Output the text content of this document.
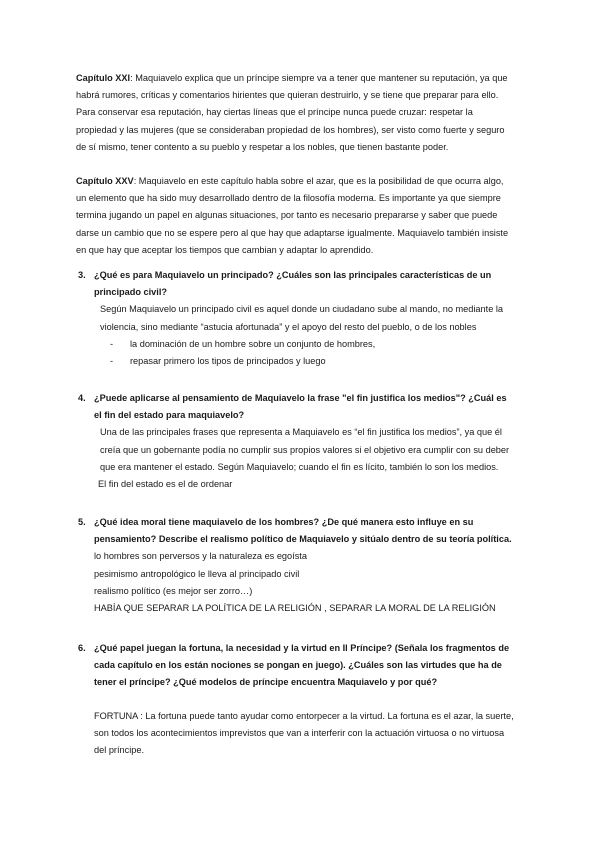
Capítulo XXI: Maquiavelo explica que un príncipe siempre va a tener que mantener su reputación, ya que habrá rumores, críticas y comentarios hirientes que quieran destruirlo, y se tiene que preparar para ello. Para conservar esa reputación, hay ciertas líneas que el príncipe nunca puede cruzar: respetar la propiedad y las mujeres (que se consideraban propiedad de los hombres), ser visto como fuerte y seguro de sí mismo, tener contento a su pueblo y respetar a los nobles, que tienen bastante poder.

Capítulo XXV: Maquiavelo en este capítulo habla sobre el azar, que es la posibilidad de que ocurra algo, un elemento que ha sido muy desarrollado dentro de la filosofía moderna. Es importante ya que siempre termina jugando un papel en algunas situaciones, por tanto es necesario prepararse y saber que puede darse un cambio que no se espere pero al que hay que adaptarse igualmente. Maquiavelo también insiste en que hay que aceptar los tiempos que cambian y adaptar lo aprendido.

3. ¿Qué es para Maquiavelo un principado? ¿Cuáles son las principales características de un principado civil?

Según Maquiavelo un principado civil es aquel donde un ciudadano sube al mando, no mediante la violencia, sino mediante “astucia afortunada” y el apoyo del resto del pueblo, o de los nobles

- la dominación de un hombre sobre un conjunto de hombres,
- repasar primero los tipos de principados y luego
4. ¿Puede aplicarse al pensamiento de Maquiavelo la frase "el fin justifica los medios"? ¿Cuál es el fin del estado para maquiavelo?

Una de las principales frases que representa a Maquiavelo es “el fin justifica los medios”, ya que él creía que un gobernante podía no cumplir sus propios valores si el objetivo era cumplir con su deber que era mantener el estado. Según Maquiavelo; cuando el fin es lícito, también lo son los medios.

El fin del estado es el de ordenar

5. ¿Qué idea moral tiene maquiavelo de los hombres? ¿De qué manera esto influye en su pensamiento? Describe el realismo político de Maquiavelo y sitúalo dentro de su teoría política.

lo hombres son perversos y la naturaleza es egoísta

pesimismo antropológico le lleva al principado civil

realismo político (es mejor ser zorro…)

HABÍA QUE SEPARAR LA POLÍTICA DE LA RELIGIÓN , SEPARAR LA MORAL DE LA RELIGIÓN

6. ¿Qué papel juegan la fortuna, la necesidad y la virtud en Il Príncipe? (Señala los fragmentos de cada capítulo en los están nociones se pongan en juego). ¿Cuáles son las virtudes que ha de tener el príncipe? ¿Qué modelos de príncipe encuentra Maquiavelo y por qué?

FORTUNA : La fortuna puede tanto ayudar como entorpecer a la virtud. La fortuna es el azar, la suerte, son todos los acontecimientos imprevistos que van a interferir con la actuación virtuosa o no virtuosa del príncipe.
